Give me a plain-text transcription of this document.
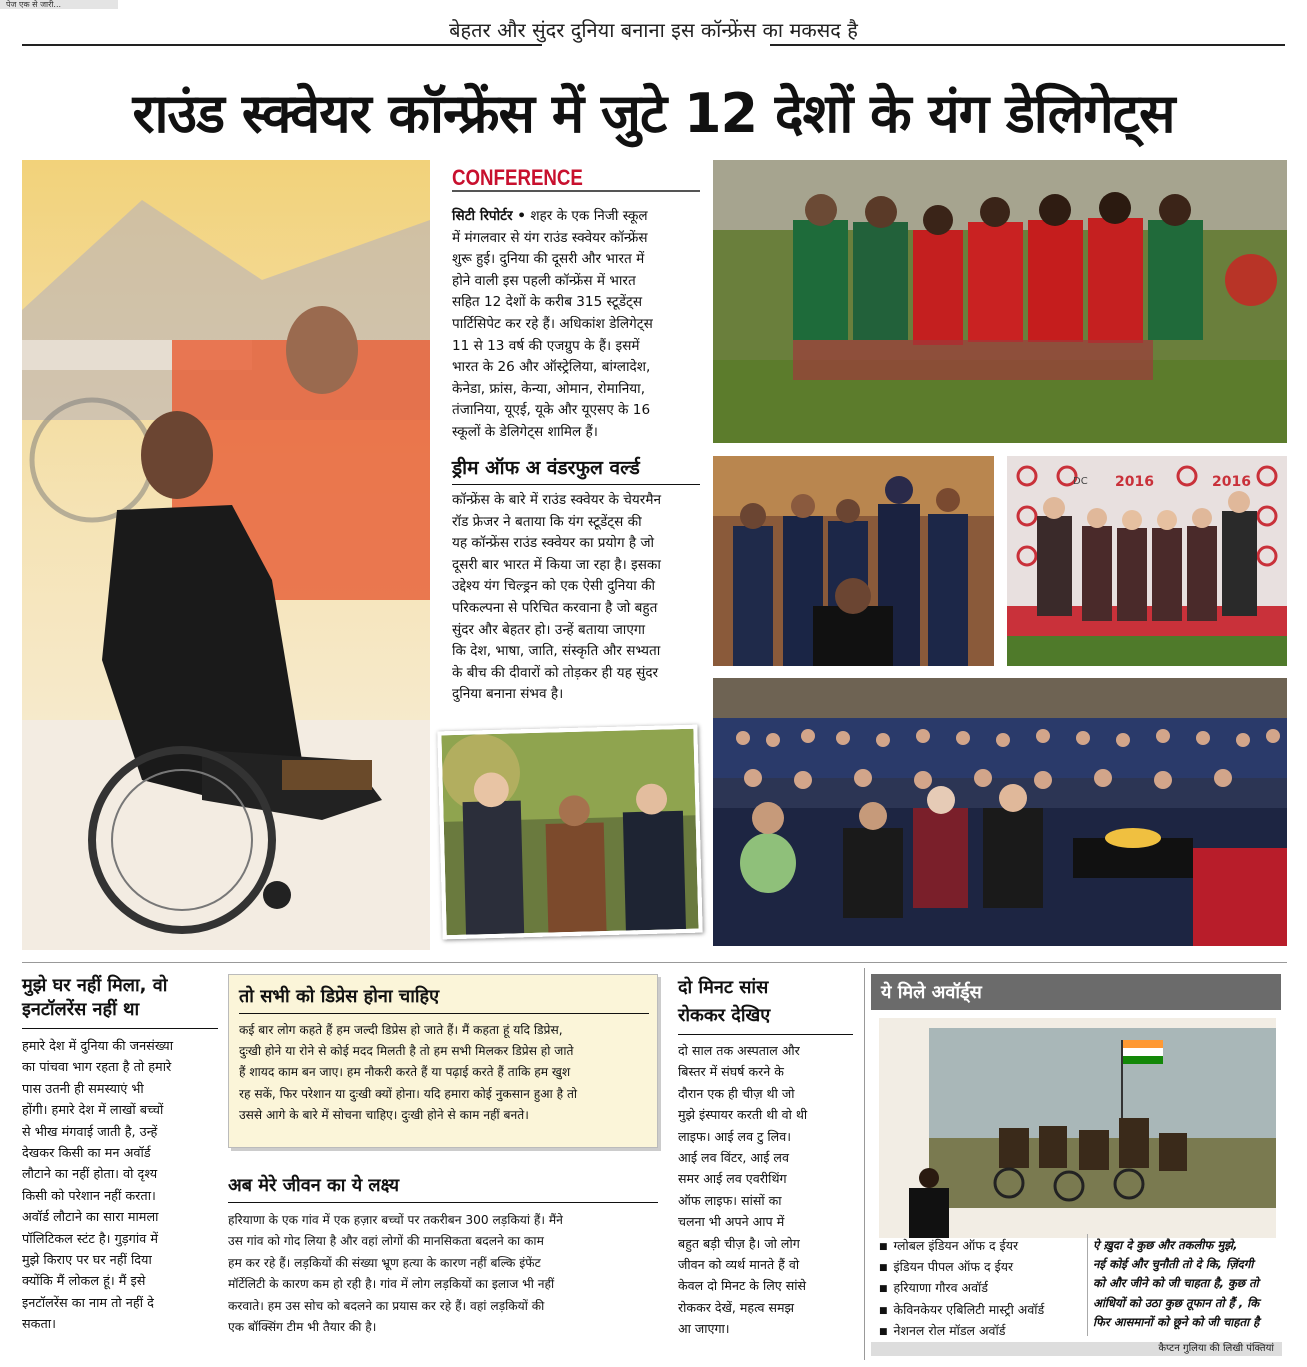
पेज एक से जारी...
बेहतर और सुंदर दुनिया बनाना इस कॉन्फ्रेंस का मकसद है
राउंड स्क्वेयर कॉन्फ्रेंस में जुटे 12 देशों के यंग डेलिगेट्स
CONFERENCE
सिटी रिपोर्टर • शहर के एक निजी स्कूल
में मंगलवार से यंग राउंड स्क्वेयर कॉन्फ्रेंस
शुरू हुई। दुनिया की दूसरी और भारत में
होने वाली इस पहली कॉन्फ्रेंस में भारत
सहित 12 देशों के करीब 315 स्टूडेंट्स
पार्टिसिपेट कर रहे हैं। अधिकांश डेलिगेट्स
11 से 13 वर्ष की एजग्रुप के हैं। इसमें
भारत के 26 और ऑस्ट्रेलिया, बांग्लादेश,
केनेडा, फ्रांस, केन्या, ओमान, रोमानिया,
तंजानिया, यूएई, यूके और यूएसए के 16
स्कूलों के डेलिगेट्स शामिल हैं।
ड्रीम ऑफ अ वंडरफुल वर्ल्ड
कॉन्फ्रेंस के बारे में राउंड स्क्वेयर के चेयरमैन
रॉड फ्रेजर ने बताया कि यंग स्टूडेंट्स की
यह कॉन्फ्रेंस राउंड स्क्वेयर का प्रयोग है जो
दूसरी बार भारत में किया जा रहा है। इसका
उद्देश्य यंग चिल्ड्रन को एक ऐसी दुनिया की
परिकल्पना से परिचित करवाना है जो बहुत
सुंदर और बेहतर हो। उन्हें बताया जाएगा
कि देश, भाषा, जाति, संस्कृति और सभ्यता
के बीच की दीवारों को तोड़कर ही यह सुंदर
दुनिया बनाना संभव है।
2016
DC	2016
मुझे घर नहीं मिला, वो
इनटॉलरेंस नहीं था
हमारे देश में दुनिया की जनसंख्या
का पांचवा भाग रहता है तो हमारे
पास उतनी ही समस्याएं भी
होंगी। हमारे देश में लाखों बच्चों
से भीख मंगवाई जाती है, उन्हें
देखकर किसी का मन अवॉर्ड
लौटाने का नहीं होता। वो दृश्य
किसी को परेशान नहीं करता।
अवॉर्ड लौटाने का सारा मामला
पॉलिटिकल स्टंट है। गुड़गांव में
मुझे किराए पर घर नहीं दिया
क्योंकि मैं लोकल हूं। मैं इसे
इनटॉलरेंस का नाम तो नहीं दे
सकता।
तो सभी को डिप्रेस होना चाहिए
कई बार लोग कहते हैं हम जल्दी डिप्रेस हो जाते हैं। मैं कहता हूं यदि डिप्रेस,
दुःखी होने या रोने से कोई मदद मिलती है तो हम सभी मिलकर डिप्रेस हो जाते
हैं शायद काम बन जाए। हम नौकरी करते हैं या पढ़ाई करते हैं ताकि हम खुश
रह सकें, फिर परेशान या दुःखी क्यों होना। यदि हमारा कोई नुकसान हुआ है तो
उससे आगे के बारे में सोचना चाहिए। दुःखी होने से काम नहीं बनते।
अब मेरे जीवन का ये लक्ष्य
हरियाणा के एक गांव में एक हज़ार बच्चों पर तकरीबन 300 लड़कियां हैं। मैंने
उस गांव को गोद लिया है और वहां लोगों की मानसिकता बदलने का काम
हम कर रहे हैं। लड़कियों की संख्या भ्रूण हत्या के कारण नहीं बल्कि इंफेंट
मॉर्टेलिटी के कारण कम हो रही है। गांव में लोग लड़कियों का इलाज भी नहीं
करवाते। हम उस सोच को बदलने का प्रयास कर रहे हैं। वहां लड़कियों की
एक बॉक्सिंग टीम भी तैयार की है।
दो मिनट सांस
रोककर देखिए
दो साल तक अस्पताल और
बिस्तर में संघर्ष करने के
दौरान एक ही चीज़ थी जो
मुझे इंस्पायर करती थी वो थी
लाइफ। आई लव टु लिव।
आई लव विंटर, आई लव
समर आई लव एवरीथिंग
ऑफ लाइफ। सांसों का
चलना भी अपने आप में
बहुत बड़ी चीज़ है। जो लोग
जीवन को व्यर्थ मानते हैं वो
केवल दो मिनट के लिए सांसे
रोककर देखें, महत्व समझ
आ जाएगा।
ये मिले अवॉर्ड्स
■ ग्लोबल इंडियन ऑफ द ईयर
■ इंडियन पीपल ऑफ द ईयर
■ हरियाणा गौरव अवॉर्ड
■ केविनकेयर एबिलिटी मास्ट्री अवॉर्ड
■ नेशनल रोल मॉडल अवॉर्ड
ऐ ख़ुदा दे कुछ और तकलीफ मुझे,
नई कोई और चुनौती तो दे कि, ज़िंदगी
को और जीने को जी चाहता है, कुछ तो
आंधियों को उठा कुछ तूफान तो हैं , कि
फिर आसमानों को छूने को जी चाहता है
कैप्टन गुलिया की लिखी पंक्तियां
